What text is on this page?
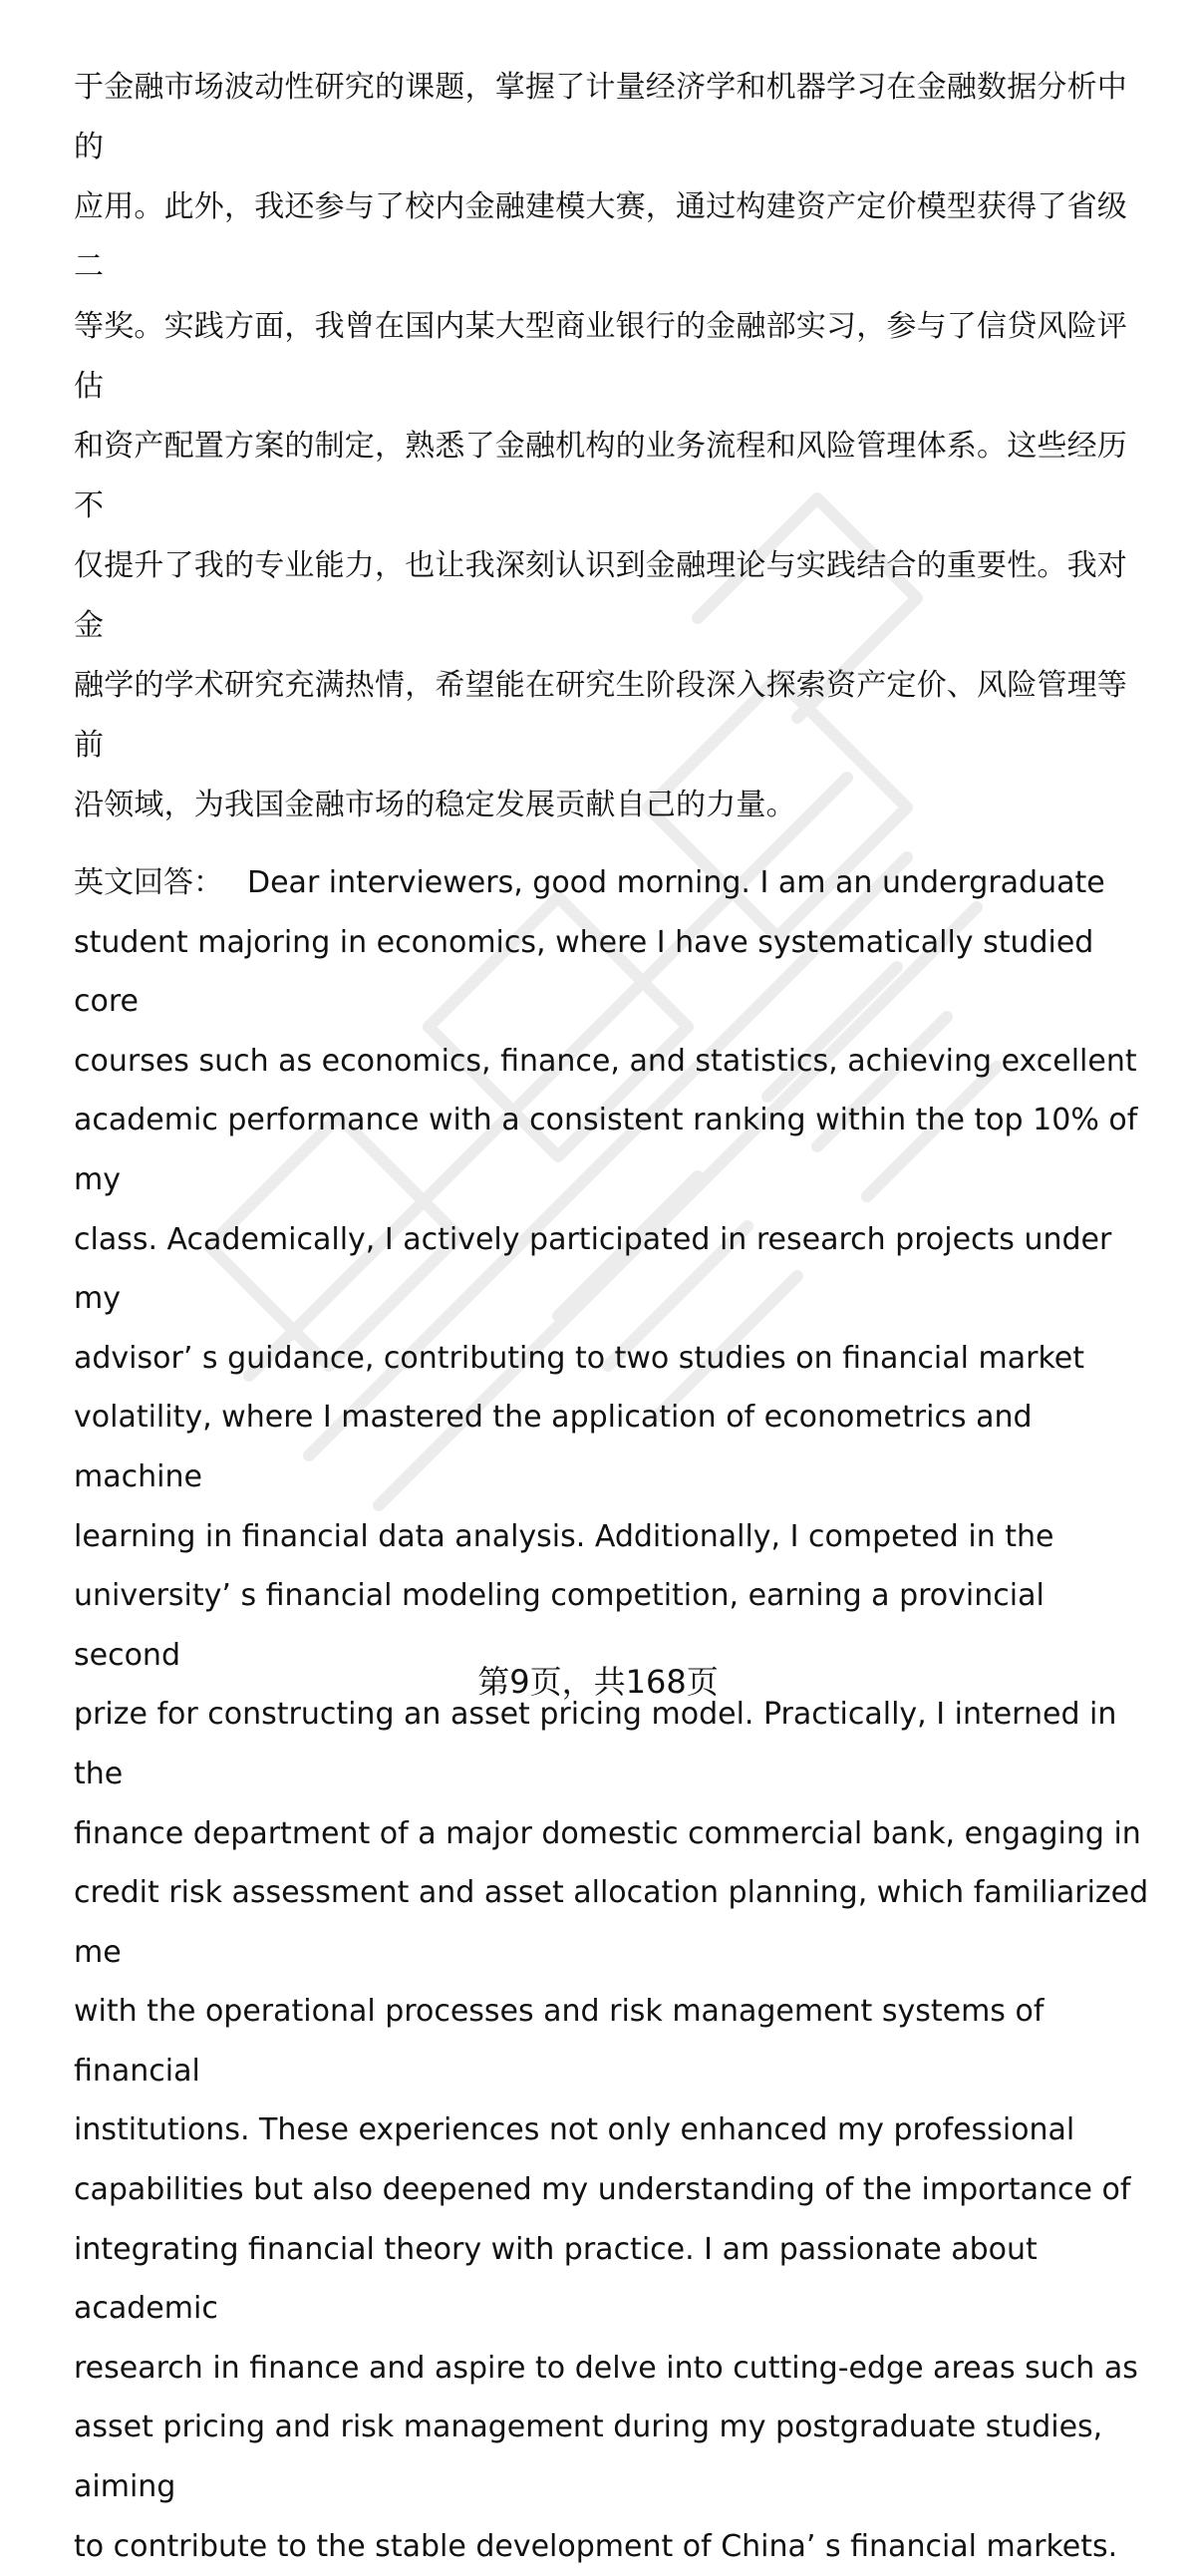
于金融市场波动性研究的课题，掌握了计量经济学和机器学习在金融数据分析中的
应用。此外，我还参与了校内金融建模大赛，通过构建资产定价模型获得了省级二
等奖。实践方面，我曾在国内某大型商业银行的金融部实习，参与了信贷风险评估
和资产配置方案的制定，熟悉了金融机构的业务流程和风险管理体系。这些经历不
仅提升了我的专业能力，也让我深刻认识到金融理论与实践结合的重要性。我对金
融学的学术研究充满热情，希望能在研究生阶段深入探索资产定价、风险管理等前
沿领域，为我国金融市场的稳定发展贡献自己的力量。

英文回答： Dear interviewers, good morning. I am an undergraduate
student majoring in economics, where I have systematically studied core
courses such as economics, finance, and statistics, achieving excellent
academic performance with a consistent ranking within the top 10% of my
class. Academically, I actively participated in research projects under my
advisor’ s guidance, contributing to two studies on financial market
volatility, where I mastered the application of econometrics and machine
learning in financial data analysis. Additionally, I competed in the
university’ s financial modeling competition, earning a provincial second
prize for constructing an asset pricing model. Practically, I interned in the
finance department of a major domestic commercial bank, engaging in
credit risk assessment and asset allocation planning, which familiarized me
with the operational processes and risk management systems of financial
institutions. These experiences not only enhanced my professional
capabilities but also deepened my understanding of the importance of
integrating financial theory with practice. I am passionate about academic
research in finance and aspire to delve into cutting-edge areas such as
asset pricing and risk management during my postgraduate studies, aiming
to contribute to the stable development of China’ s financial markets.

第9页，共168页
